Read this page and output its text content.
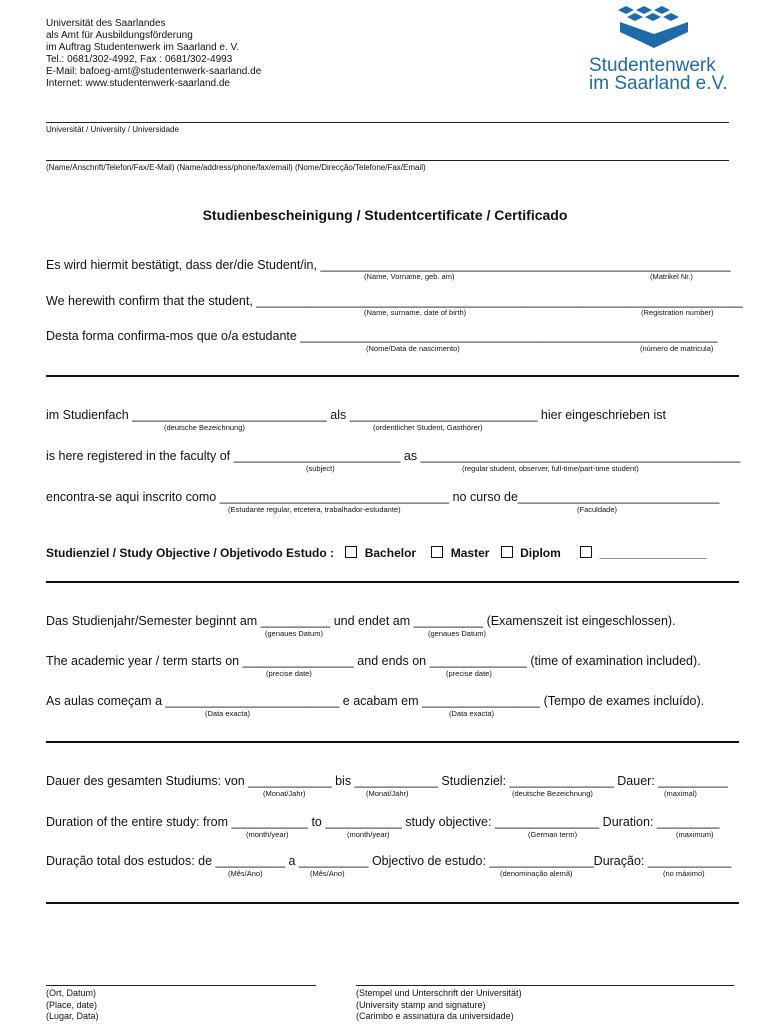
Universität des Saarlandes
als Amt für Ausbildungsförderung
im Auftrag Studentenwerk im Saarland e. V.
Tel.: 0681/302-4992, Fax : 0681/302-4993
E-Mail: bafoeg-amt@studentenwerk-saarland.de
Internet: www.studentenwerk-saarland.de
Studentenwerk
im Saarland e.V.
Universität / University / Universidade
(Name/Anschrift/Telefon/Fax/E-Mail) (Name/address/phone/fax/email) (Nome/Direcção/Telefone/Fax/Email)
Studienbescheinigung / Studentcertificate / Certificado
Es wird hiermit bestätigt, dass der/die Student/in, ___________________________________________________________
(Name, Vorname, geb. am)	(Matrikel Nr.)
We herewith confirm that the student, ______________________________________________________________________
(Name, surname, date of birth)	(Registration number)
Desta forma confirma-mos que o/a estudante ____________________________________________________________
(Nome/Data de nascimento)	(número de matricula)
im Studienfach ____________________________ als ___________________________ hier eingeschrieben ist
(deutsche Bezeichnung)	(ordentlicher Student, Gasthörer)
is here registered in the faculty of ________________________ as ______________________________________________
(subject)	(regular student, observer, full-time/part-time student)
encontra-se aqui inscrito como _________________________________ no curso de_____________________________
(Estudante regular, etcetera, trabalhador-estudante)	(Faculdade)
Studienziel / Study Objective / Objetivodo Estudo :	Bachelor	Master	Diplom	________________
Das Studienjahr/Semester beginnt am __________ und endet am __________ (Examenszeit ist eingeschlossen).
(genaues Datum)	(genaues Datum)
The academic year / term starts on ________________ and ends on ______________ (time of examination included).
(precise date)	(precise date)
As aulas começam a _________________________ e acabam em _________________ (Tempo de exames incluído).
(Data exacta)	(Data exacta)
Dauer des gesamten Studiums: von ____________ bis ____________ Studienziel: _______________ Dauer: __________
(Monat/Jahr)	(Monat/Jahr)	(deutsche Bezeichnung)	(maximal)
Duration of the entire study: from ___________ to ___________ study objective: _______________ Duration: _________
(month/year)	(month/year)	(German term)	(maximum)
Duração total dos estudos: de __________ a __________ Objectivo de estudo: _______________Duração: ____________
(Mês/Ano)	(Mês/Ano)	(denominação alemã)	(no máximo)
(Ort, Datum)
(Place, date)
(Lugar, Data)
(Stempel und Unterschrift der Universität)
(University stamp and signature)
(Carimbo e assinatura da universidade)
